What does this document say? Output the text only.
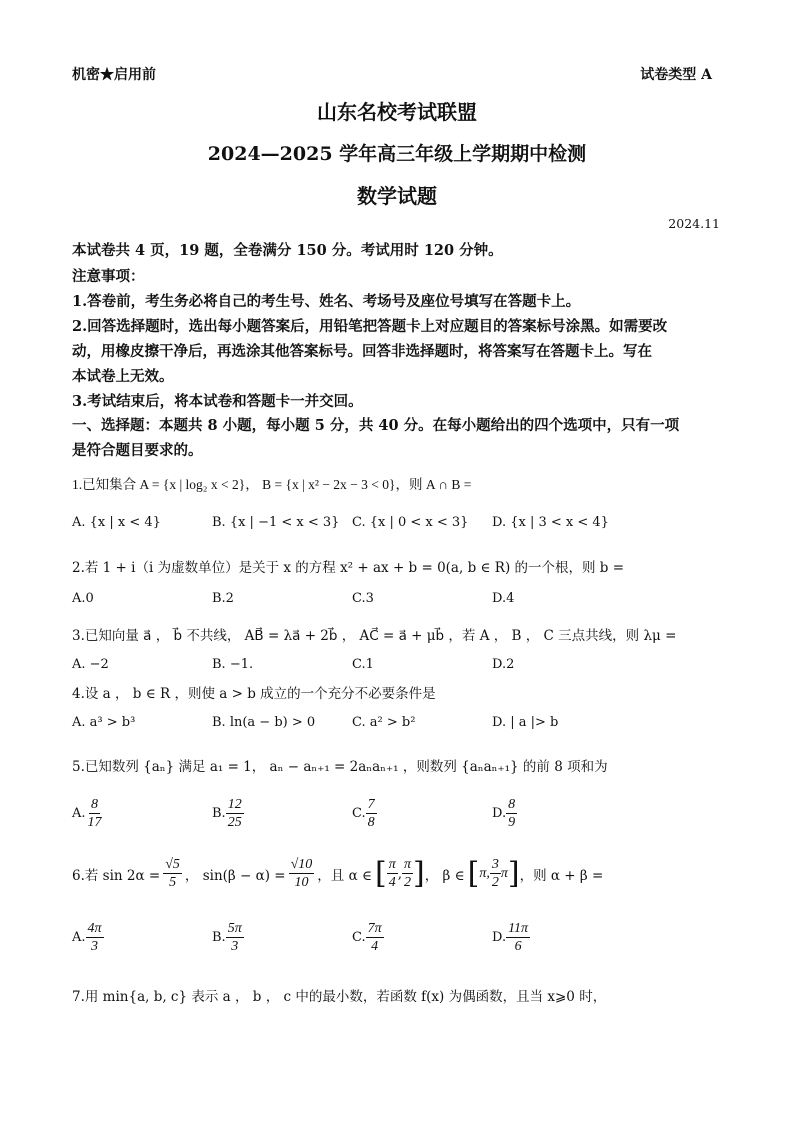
机密★启用前	试卷类型 A
山东名校考试联盟
2024—2025 学年高三年级上学期期中检测
数学试题
2024.11
本试卷共 4 页，19 题，全卷满分 150 分。考试用时 120 分钟。
注意事项：
1.答卷前，考生务必将自己的考生号、姓名、考场号及座位号填写在答题卡上。
2.回答选择题时，选出每小题答案后，用铅笔把答题卡上对应题目的答案标号涂黑。如需要改
动，用橡皮擦干净后，再选涂其他答案标号。回答非选择题时，将答案写在答题卡上。写在
本试卷上无效。
3.考试结束后，将本试卷和答题卡一并交回。
一、选择题：本题共 8 小题，每小题 5 分，共 40 分。在每小题给出的四个选项中，只有一项
是符合题目要求的。
1.已知集合 A = {x | log₂ x < 2}， B = {x | x² − 2x − 3 < 0}，则 A ∩ B =
A. {x | x < 4}	B. {x | −1 < x < 3} C. {x | 0 < x < 3} D. {x | 3 < x < 4}
2.若 1 + i（i 为虚数单位）是关于 x 的方程 x² + ax + b = 0(a, b ∈ R) 的一个根，则 b =
A.0	B.2	C.3	D.4
3.已知向量 a⃗ ， b⃗ 不共线， AB⃗ = λa⃗ + 2b⃗ ， AC⃗ = a⃗ + μb⃗ ，若 A ， B ， C 三点共线，则 λμ =
A. −2	B. −1.	C.1	D.2
4.设 a ， b ∈ R ，则使 a > b 成立的一个充分不必要条件是
A. a³ > b³	B. ln(a − b) > 0	C. a² > b²	D. | a |> b
5.已知数列 {aₙ} 满足 a₁ = 1， aₙ − aₙ₊₁ = 2aₙaₙ₊₁ ，则数列 {aₙaₙ₊₁} 的前 8 项和为
A. $\frac{8}{17}$	B. $\frac{12}{25}$	C. $\frac{7}{8}$	D. $\frac{8}{9}$
6.若 $\sin 2\alpha = \frac{√5}{5}$ ， $\sin(\beta - \alpha) = \frac{√10}{10}$ ，且 α ∈ [ $\frac{\pi}{4}$ , $\frac{\pi}{2}$ ] ， β ∈ [ π, $\frac{3}{2}$ π ] ，则 α + β =
A. $\frac{4\pi}{3}$	B. $\frac{5\pi}{3}$	C. $\frac{7\pi}{4}$	D. $\frac{11\pi}{6}$
7.用 min{a, b, c} 表示 a ， b ， c 中的最小数，若函数 f(x) 为偶函数，且当 x⩾0 时，
